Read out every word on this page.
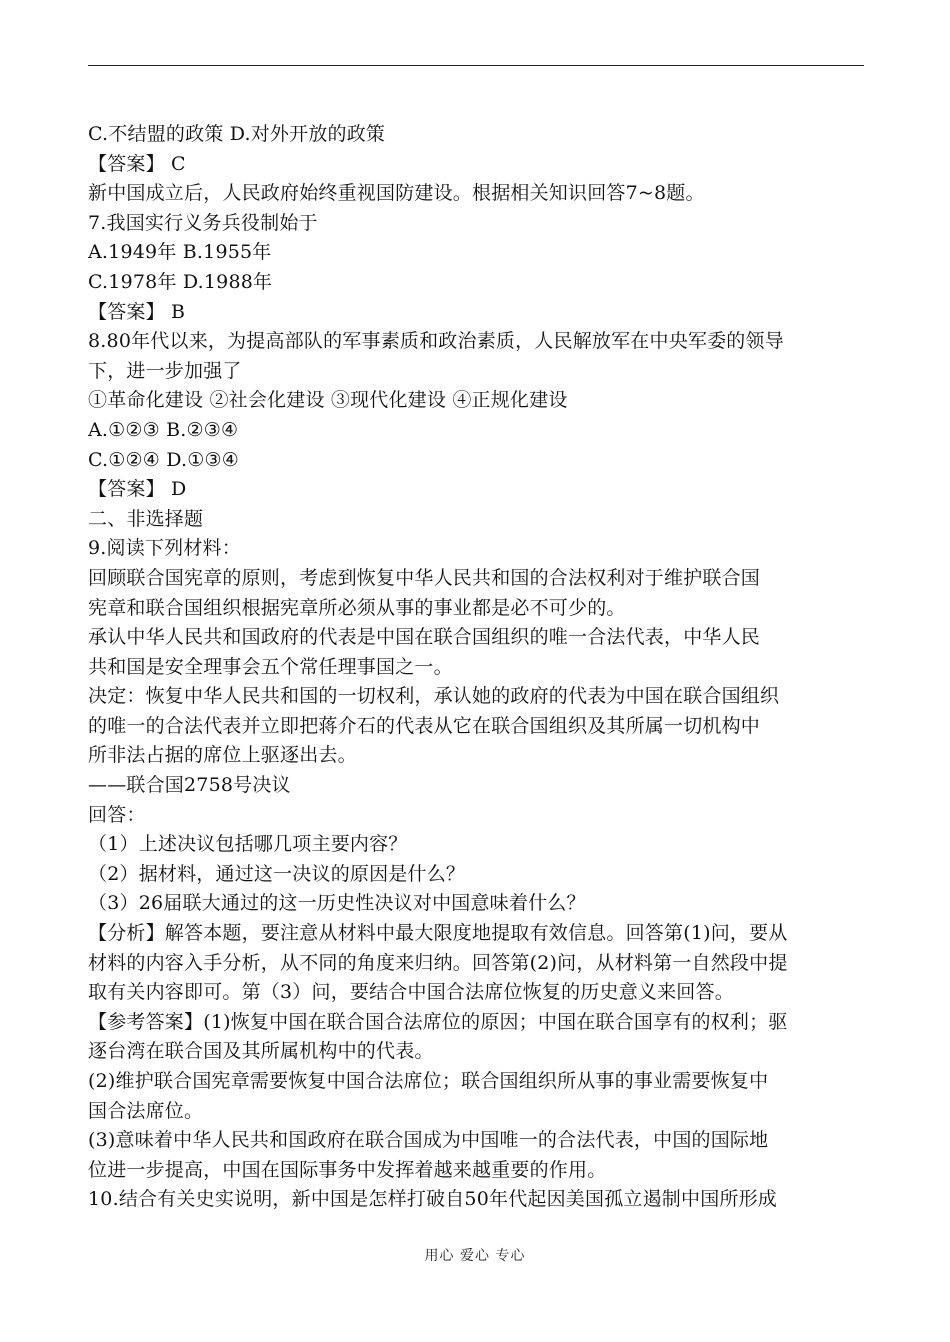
C.不结盟的政策 D.对外开放的政策
【答案】 C
新中国成立后，人民政府始终重视国防建设。根据相关知识回答7~8题。
7.我国实行义务兵役制始于
A.1949年 B.1955年
C.1978年 D.1988年
【答案】 B
8.80年代以来，为提高部队的军事素质和政治素质，人民解放军在中央军委的领导
下，进一步加强了
①革命化建设 ②社会化建设 ③现代化建设 ④正规化建设
A.①②③ B.②③④
C.①②④ D.①③④
【答案】 D
二、非选择题
9.阅读下列材料：
回顾联合国宪章的原则，考虑到恢复中华人民共和国的合法权利对于维护联合国
宪章和联合国组织根据宪章所必须从事的事业都是必不可少的。
承认中华人民共和国政府的代表是中国在联合国组织的唯一合法代表，中华人民
共和国是安全理事会五个常任理事国之一。
决定：恢复中华人民共和国的一切权利，承认她的政府的代表为中国在联合国组织
的唯一的合法代表并立即把蒋介石的代表从它在联合国组织及其所属一切机构中
所非法占据的席位上驱逐出去。
——联合国2758号决议
回答：
（1）上述决议包括哪几项主要内容？
（2）据材料，通过这一决议的原因是什么？
（3）26届联大通过的这一历史性决议对中国意味着什么？
【分析】解答本题，要注意从材料中最大限度地提取有效信息。回答第(1)问，要从
材料的内容入手分析，从不同的角度来归纳。回答第(2)问，从材料第一自然段中提
取有关内容即可。第（3）问，要结合中国合法席位恢复的历史意义来回答。
【参考答案】(1)恢复中国在联合国合法席位的原因；中国在联合国享有的权利；驱
逐台湾在联合国及其所属机构中的代表。
(2)维护联合国宪章需要恢复中国合法席位；联合国组织所从事的事业需要恢复中
国合法席位。
(3)意味着中华人民共和国政府在联合国成为中国唯一的合法代表，中国的国际地
位进一步提高，中国在国际事务中发挥着越来越重要的作用。
10.结合有关史实说明，新中国是怎样打破自50年代起因美国孤立遏制中国所形成
用心 爱心 专心
